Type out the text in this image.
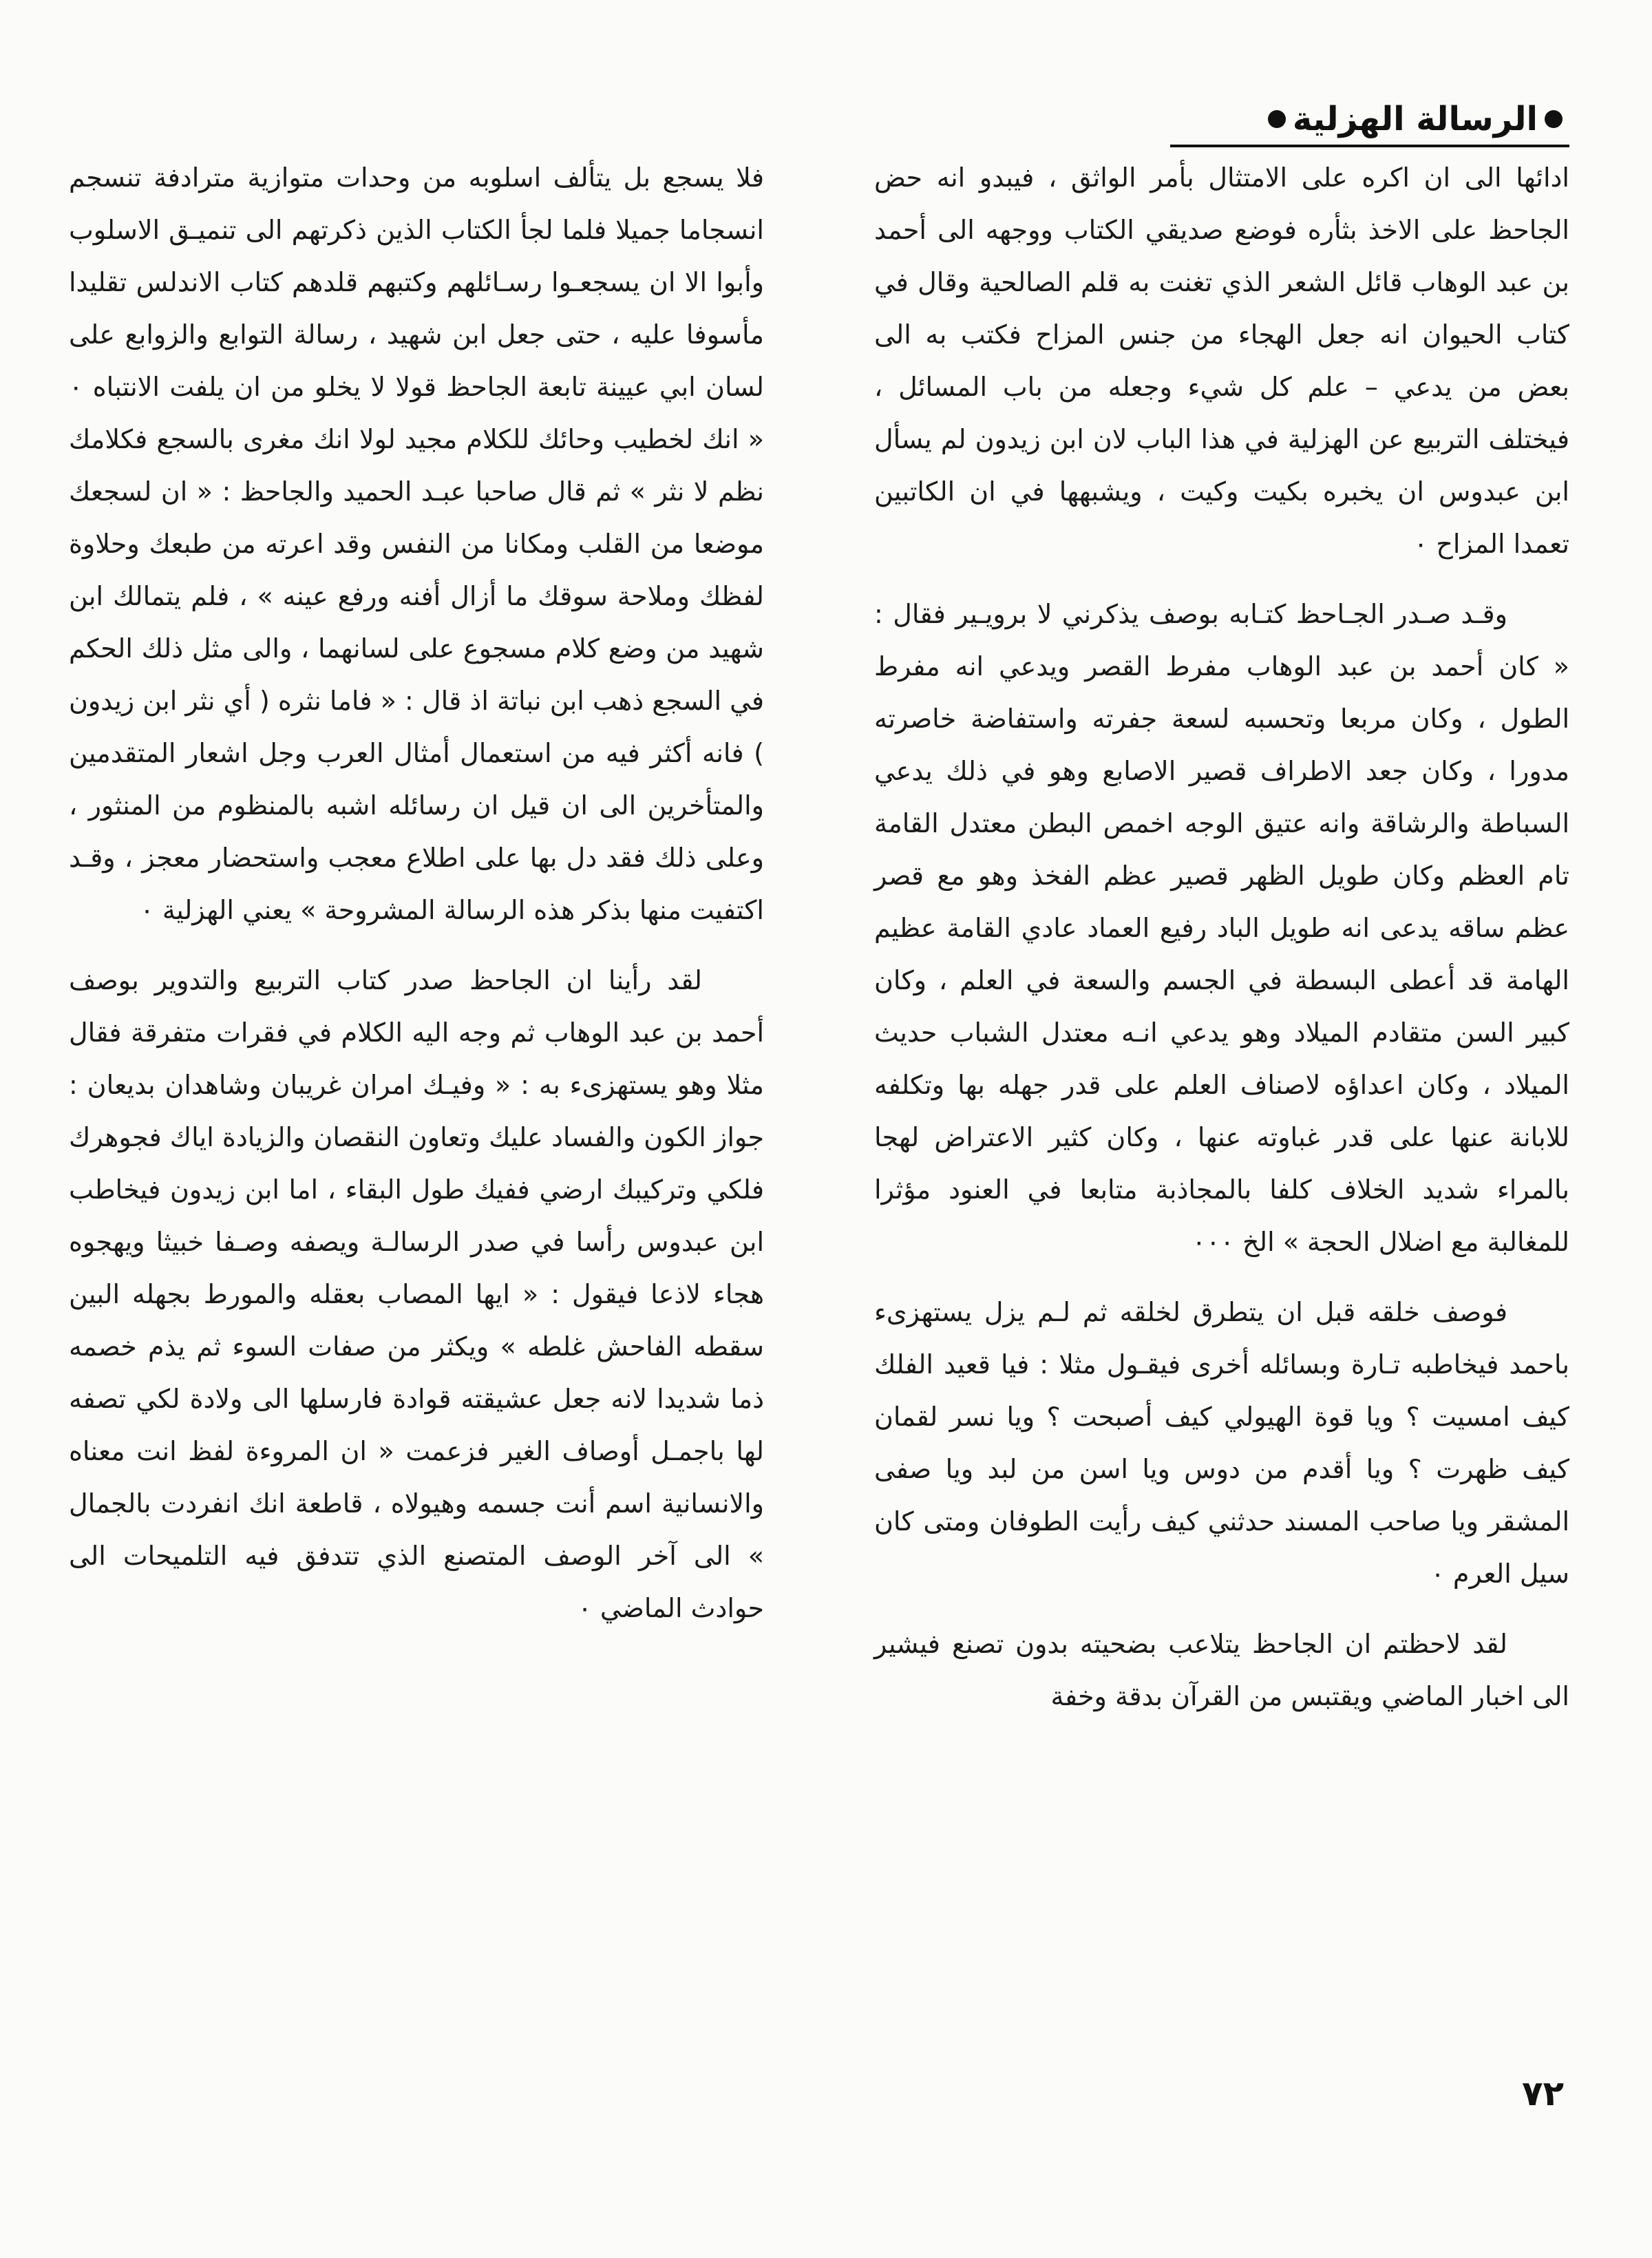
الرسالة الهزلية

ادائها الى ان اكره على الامتثال بأمر الواثق ، فيبدو انه حض الجاحظ على الاخذ بثأره فوضع صديقي الكتاب ووجهه الى أحمد بن عبد الوهاب قائل الشعر الذي تغنت به قلم الصالحية وقال في كتاب الحيوان انه جعل الهجاء من جنس المزاح فكتب به الى بعض من يدعي – علم كل شيء وجعله من باب المسائل ، فيختلف التربيع عن الهزلية في هذا الباب لان ابن زيدون لم يسأل ابن عبدوس ان يخبره بكيت وكيت ، ويشبهها في ان الكاتبين تعمدا المزاح ٠

وقـد صـدر الجـاحظ كتـابه بوصف يذكرني لا برويـير فقال : « كان أحمد بن عبد الوهاب مفرط القصر ويدعي انه مفرط الطول ، وكان مربعا وتحسبه لسعة جفرته واستفاضة خاصرته مدورا ، وكان جعد الاطراف قصير الاصابع وهو في ذلك يدعي السباطة والرشاقة وانه عتيق الوجه اخمص البطن معتدل القامة تام العظم وكان طويل الظهر قصير عظم الفخذ وهو مع قصر عظم ساقه يدعى انه طويل الباد رفيع العماد عادي القامة عظيم الهامة قد أعطى البسطة في الجسم والسعة في العلم ، وكان كبير السن متقادم الميلاد وهو يدعي انـه معتدل الشباب حديث الميلاد ، وكان اعداؤه لاصناف العلم على قدر جهله بها وتكلفه للابانة عنها على قدر غباوته عنها ، وكان كثير الاعتراض لهجا بالمراء شديد الخلاف كلفا بالمجاذبة متابعا في العنود مؤثرا للمغالبة مع اضلال الحجة » الخ ٠٠٠

فوصف خلقه قبل ان يتطرق لخلقه ثم لـم يزل يستهزىء باحمد فيخاطبه تـارة وبسائله أخرى فيقـول مثلا : فيا قعيد الفلك كيف امسيت ؟ ويا قوة الهيولي كيف أصبحت ؟ ويا نسر لقمان كيف ظهرت ؟ ويا أقدم من دوس ويا اسن من لبد ويا صفى المشقر ويا صاحب المسند حدثني كيف رأيت الطوفان ومتى كان سيل العرم ٠

لقد لاحظتم ان الجاحظ يتلاعب بضحيته بدون تصنع فيشير الى اخبار الماضي ويقتبس من القرآن بدقة وخفة

فلا يسجع بل يتألف اسلوبه من وحدات متوازية مترادفة تنسجم انسجاما جميلا فلما لجأ الكتاب الذين ذكرتهم الى تنميـق الاسلوب وأبوا الا ان يسجعـوا رسـائلهم وكتبهم قلدهم كتاب الاندلس تقليدا مأسوفا عليه ، حتى جعل ابن شهيد ، رسالة التوابع والزوابع على لسان ابي عيينة تابعة الجاحظ قولا لا يخلو من ان يلفت الانتباه ٠ « انك لخطيب وحائك للكلام مجيد لولا انك مغرى بالسجع فكلامك نظم لا نثر » ثم قال صاحبا عبـد الحميد والجاحظ : « ان لسجعك موضعا من القلب ومكانا من النفس وقد اعرته من طبعك وحلاوة لفظك وملاحة سوقك ما أزال أفنه ورفع عينه » ، فلم يتمالك ابن شهيد من وضع كلام مسجوع على لسانهما ، والى مثل ذلك الحكم في السجع ذهب ابن نباتة اذ قال : « فاما نثره ( أي نثر ابن زيدون ) فانه أكثر فيه من استعمال أمثال العرب وجل اشعار المتقدمين والمتأخرين الى ان قيل ان رسائله اشبه بالمنظوم من المنثور ، وعلى ذلك فقد دل بها على اطلاع معجب واستحضار معجز ، وقـد اكتفيت منها بذكر هذه الرسالة المشروحة » يعني الهزلية ٠

لقد رأينا ان الجاحظ صدر كتاب التربيع والتدوير بوصف أحمد بن عبد الوهاب ثم وجه اليه الكلام في فقرات متفرقة فقال مثلا وهو يستهزىء به : « وفيـك امران غريبان وشاهدان بديعان : جواز الكون والفساد عليك وتعاون النقصان والزيادة اياك فجوهرك فلكي وتركيبك ارضي ففيك طول البقاء ، اما ابن زيدون فيخاطب ابن عبدوس رأسا في صدر الرسالـة ويصفه وصـفا خبيثا ويهجوه هجاء لاذعا فيقول : « ايها المصاب بعقله والمورط بجهله البين سقطه الفاحش غلطه » ويكثر من صفات السوء ثم يذم خصمه ذما شديدا لانه جعل عشيقته قوادة فارسلها الى ولادة لكي تصفه لها باجمـل أوصاف الغير فزعمت « ان المروءة لفظ انت معناه والانسانية اسم أنت جسمه وهيولاه ، قاطعة انك انفردت بالجمال » الى آخر الوصف المتصنع الذي تتدفق فيه التلميحات الى حوادث الماضي ٠

٧٢
